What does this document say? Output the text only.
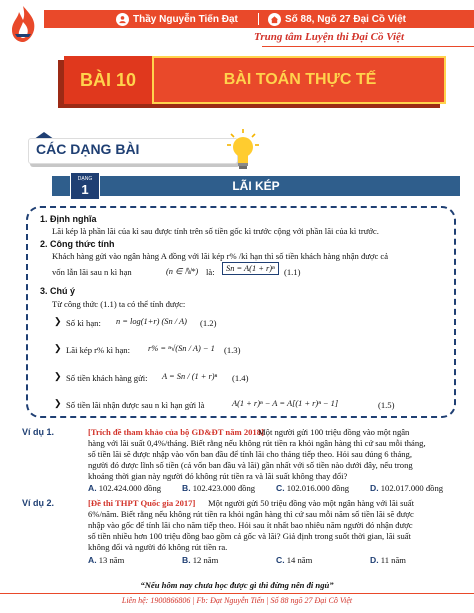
Thầy Nguyễn Tiến Đạt	Số 88, Ngõ 27 Đại Cồ Việt
Trung tâm Luyện thi Đại Cồ Việt
BÀI 10	BÀI TOÁN THỰC TẾ
CÁC DẠNG BÀI
LÃI KÉP
DẠNG
1
1. Định nghĩa
Lãi kép là phần lãi của kì sau được tính trên số tiền gốc kì trước cộng với phần lãi của kì trước.
2. Công thức tính
Khách hàng gửi vào ngân hàng A đồng với lãi kép r% /kì hạn thì số tiền khách hàng nhận được cả
vốn lẫn lãi sau n kì hạn	(n ∈ ℕ*) là:	Sn = A(1 + r)ⁿ	(1.1)
3. Chú ý
Từ công thức (1.1) ta có thể tính được:
❯ Số kì hạn: n = log(1+r) (Sn / A) (1.2)
❯ Lãi kép r% kì hạn: r% = ⁿ√(Sn / A) − 1 (1.3)
❯ Số tiền khách hàng gửi: A = Sn / (1 + r)ⁿ (1.4)
❯ Số tiền lãi nhận được sau n kì hạn gửi là	A(1 + r)ⁿ − A = A[(1 + r)ⁿ − 1]	(1.5)
Ví dụ 1.	[Trích đề tham khảo của bộ GD&ĐT năm 2018]
Một người gửi 100 triệu đồng vào một ngân
hàng với lãi suất 0,4%/tháng. Biết rằng nếu không rút tiền ra khỏi ngân hàng thì cứ sau mỗi tháng,
số tiền lãi sẽ được nhập vào vốn ban đầu để tính lãi cho tháng tiếp theo. Hỏi sau đúng 6 tháng,
người đó được lĩnh số tiền (cả vốn ban đầu và lãi) gần nhất với số tiền nào dưới đây, nếu trong
khoảng thời gian này người đó không rút tiền ra và lãi suất không thay đổi?
A. 102.424.000 đồng B. 102.423.000 đồng C. 102.016.000 đồng D. 102.017.000 đồng
Ví dụ 2.	[Đề thi THPT Quốc gia 2017] Một người gửi 50 triệu đồng vào một ngân hàng với lãi suất
6%/năm. Biết rằng nếu không rút tiền ra khỏi ngân hàng thì cứ sau mỗi năm số tiền lãi sẽ được
nhập vào gốc để tính lãi cho năm tiếp theo. Hỏi sau ít nhất bao nhiêu năm người đó nhận được
số tiền nhiều hơn 100 triệu đồng bao gồm cả gốc và lãi? Giả định trong suốt thời gian, lãi suất
không đổi và người đó không rút tiền ra.
A. 13 năm	B. 12 năm	C. 14 năm	D. 11 năm
“Nếu hôm nay chưa học được gì thì đừng nên đi ngủ”
Liên hệ: 1900866806 | Fb: Đạt Nguyễn Tiến | Số 88 ngõ 27 Đại Cồ Việt
